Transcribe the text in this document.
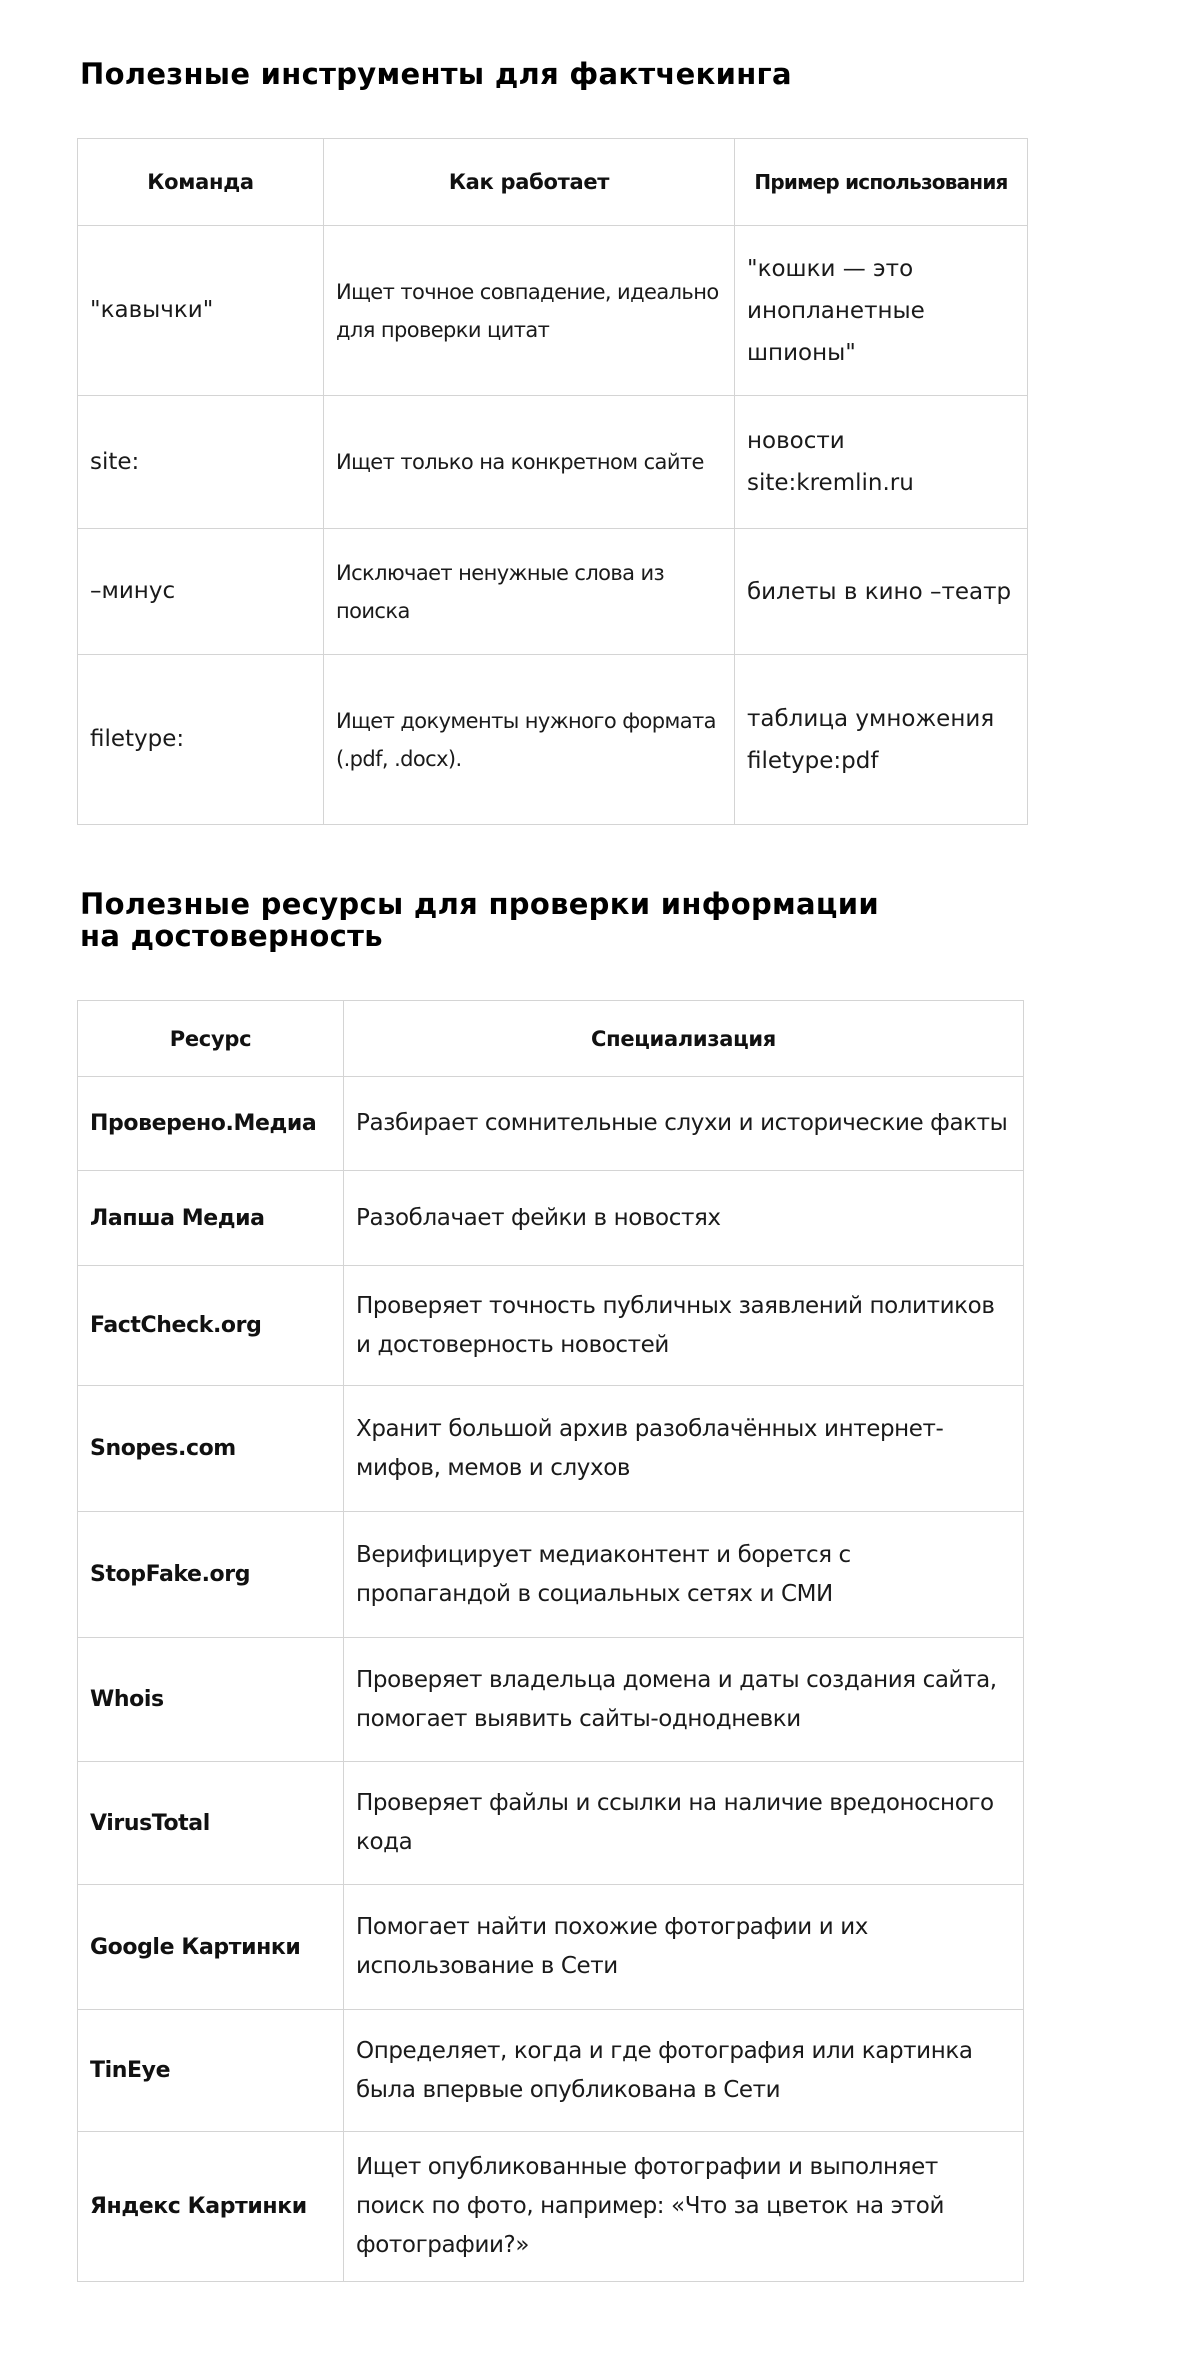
Полезные инструменты для фактчекинга
Команда	Как работает	Пример использования
"кавычки"	Ищет точное совпадение, идеально для проверки цитат	"кошки — это инопланетные шпионы"
site:	Ищет только на конкретном сайте	новости site:kremlin.ru
–минус	Исключает ненужные слова из поиска	билеты в кино –театр
filetype:	Ищет документы нужного формата (.pdf, .docx).	таблица умножения filetype:pdf
Полезные ресурсы для проверки информации
на достоверность
Ресурс	Специализация
Проверено.Медиа	Разбирает сомнительные слухи и исторические факты
Лапша Медиа	Разоблачает фейки в новостях
FactCheck.org	Проверяет точность публичных заявлений политиков и достоверность новостей
Snopes.com	Хранит большой архив разоблачённых интернет-мифов, мемов и слухов
StopFake.org	Верифицирует медиаконтент и борется с пропагандой в социальных сетях и СМИ
Whois	Проверяет владельца домена и даты создания сайта, помогает выявить сайты-однодневки
VirusTotal	Проверяет файлы и ссылки на наличие вредоносного кода
Google Картинки	Помогает найти похожие фотографии и их использование в Сети
TinEye	Определяет, когда и где фотография или картинка была впервые опубликована в Сети
Яндекс Картинки	Ищет опубликованные фотографии и выполняет поиск по фото, например: «Что за цветок на этой фотографии?»
